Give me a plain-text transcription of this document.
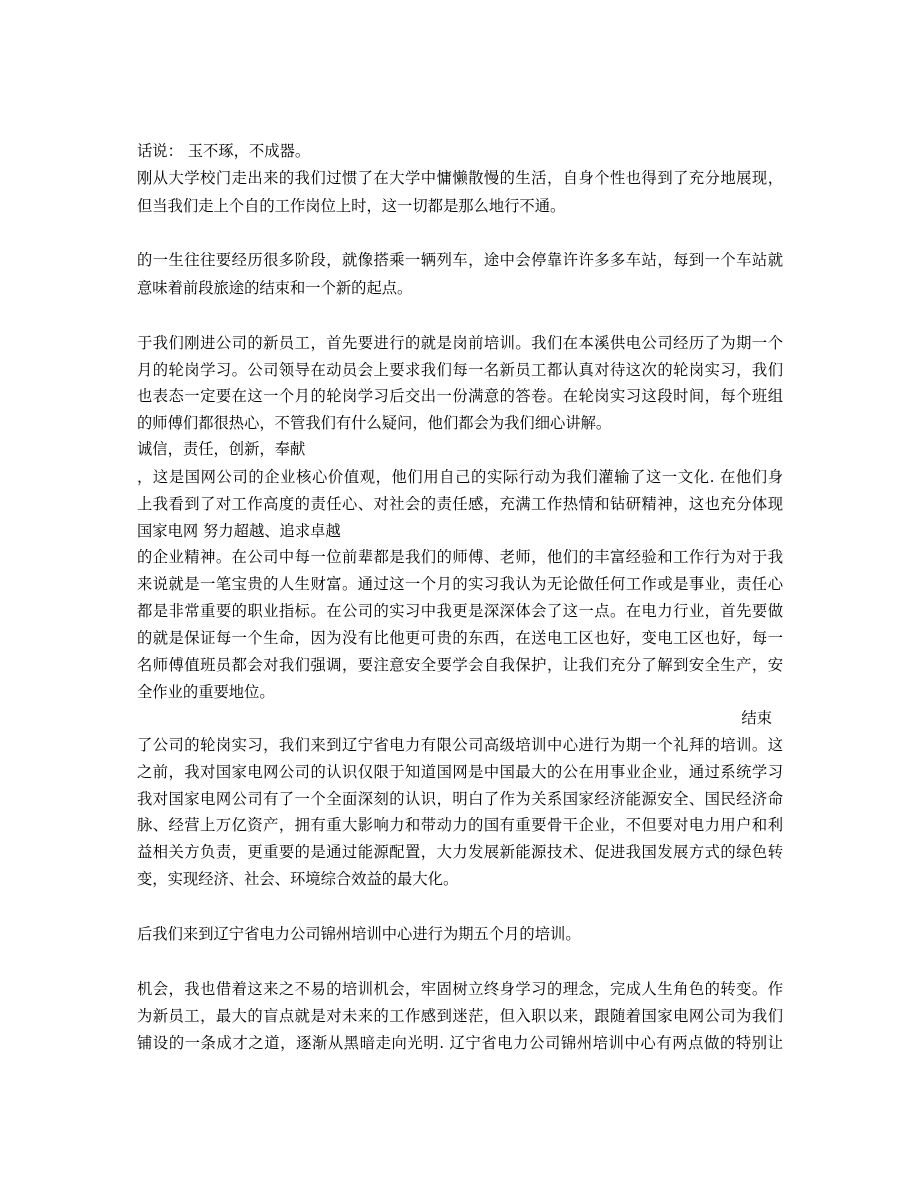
话说： 玉不琢，不成器。
刚从大学校门走出来的我们过惯了在大学中慵懒散慢的生活，自身个性也得到了充分地展现，
但当我们走上个自的工作岗位上时，这一切都是那么地行不通。
的一生往往要经历很多阶段，就像搭乘一辆列车，途中会停靠许许多多车站，每到一个车站就
意味着前段旅途的结束和一个新的起点。
于我们刚进公司的新员工，首先要进行的就是岗前培训。我们在本溪供电公司经历了为期一个
月的轮岗学习。公司领导在动员会上要求我们每一名新员工都认真对待这次的轮岗实习，我们
也表态一定要在这一个月的轮岗学习后交出一份满意的答卷。在轮岗实习这段时间，每个班组
的师傅们都很热心，不管我们有什么疑问，他们都会为我们细心讲解。
诚信，责任，创新，奉献
，这是国网公司的企业核心价值观，他们用自己的实际行动为我们灌输了这一文化. 在他们身
上我看到了对工作高度的责任心、对社会的责任感，充满工作热情和钻研精神，这也充分体现
国家电网 努力超越、追求卓越
的企业精神。在公司中每一位前辈都是我们的师傅、老师，他们的丰富经验和工作行为对于我
来说就是一笔宝贵的人生财富。通过这一个月的实习我认为无论做任何工作或是事业，责任心
都是非常重要的职业指标。在公司的实习中我更是深深体会了这一点。在电力行业，首先要做
的就是保证每一个生命，因为没有比他更可贵的东西，在送电工区也好，变电工区也好，每一
名师傅值班员都会对我们强调，要注意安全要学会自我保护，让我们充分了解到安全生产，安
全作业的重要地位。
结束
了公司的轮岗实习，我们来到辽宁省电力有限公司高级培训中心进行为期一个礼拜的培训。这
之前，我对国家电网公司的认识仅限于知道国网是中国最大的公在用事业企业，通过系统学习
我对国家电网公司有了一个全面深刻的认识，明白了作为关系国家经济能源安全、国民经济命
脉、经营上万亿资产，拥有重大影响力和带动力的国有重要骨干企业，不但要对电力用户和利
益相关方负责，更重要的是通过能源配置，大力发展新能源技术、促进我国发展方式的绿色转
变，实现经济、社会、环境综合效益的最大化。
后我们来到辽宁省电力公司锦州培训中心进行为期五个月的培训。
机会，我也借着这来之不易的培训机会，牢固树立终身学习的理念，完成人生角色的转变。作
为新员工，最大的盲点就是对未来的工作感到迷茫，但入职以来，跟随着国家电网公司为我们
铺设的一条成才之道，逐渐从黑暗走向光明. 辽宁省电力公司锦州培训中心有两点做的特别让
